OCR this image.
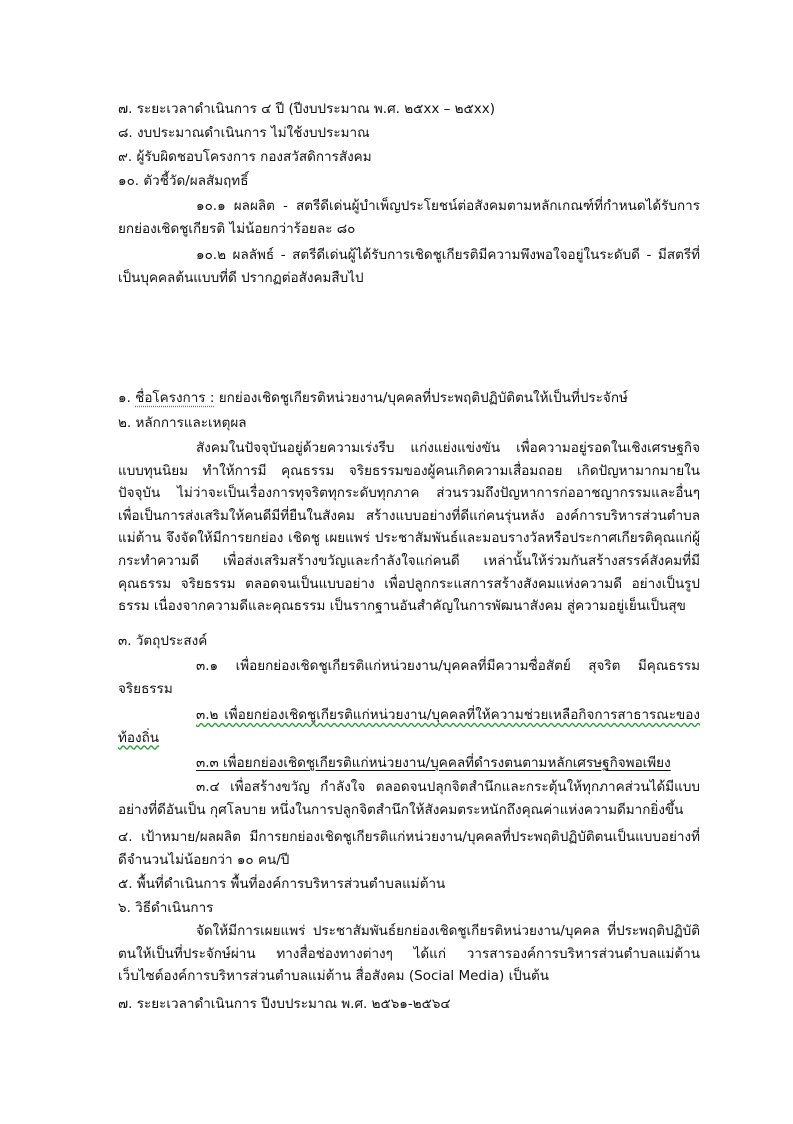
๗. ระยะเวลาดำเนินการ ๔ ปี (ปีงบประมาณ พ.ศ. ๒๕xx – ๒๕xx)
๘. งบประมาณดำเนินการ ไม่ใช้งบประมาณ
๙. ผู้รับผิดชอบโครงการ กองสวัสดิการสังคม
๑๐. ตัวชี้วัด/ผลสัมฤทธิ์
๑๐.๑ ผลผลิต - สตรีดีเด่นผู้บำเพ็ญประโยชน์ต่อสังคมตามหลักเกณฑ์ที่กำหนดได้รับการยกย่องเชิดชูเกียรติ ไม่น้อยกว่าร้อยละ ๘๐
๑๐.๒ ผลลัพธ์ - สตรีดีเด่นผู้ได้รับการเชิดชูเกียรติมีความพึงพอใจอยู่ในระดับดี - มีสตรีที่เป็นบุคคลต้นแบบที่ดี ปรากฏต่อสังคมสืบไป
๑. ชื่อโครงการ : ยกย่องเชิดชูเกียรติหน่วยงาน/บุคคลที่ประพฤติปฏิบัติตนให้เป็นที่ประจักษ์
๒. หลักการและเหตุผล
สังคมในปัจจุบันอยู่ด้วยความเร่งรีบ แก่งแย่งแข่งขัน เพื่อความอยู่รอดในเชิงเศรษฐกิจแบบทุนนิยม ทำให้การมี คุณธรรม จริยธรรมของผู้คนเกิดความเสื่อมถอย เกิดปัญหามากมายในปัจจุบัน ไม่ว่าจะเป็นเรื่องการทุจริตทุกระดับทุกภาค ส่วนรวมถึงปัญหาการก่ออาชญากรรมและอื่นๆ เพื่อเป็นการส่งเสริมให้คนดีมีที่ยืนในสังคม สร้างแบบอย่างที่ดีแก่คนรุ่นหลัง องค์การบริหารส่วนตำบลแม่ต้าน จึงจัดให้มีการยกย่อง เชิดชู เผยแพร่ ประชาสัมพันธ์และมอบรางวัลหรือประกาศเกียรติคุณแก่ผู้กระทำความดี เพื่อส่งเสริมสร้างขวัญและกำลังใจแก่คนดี เหล่านั้นให้ร่วมกันสร้างสรรค์สังคมที่มีคุณธรรม จริยธรรม ตลอดจนเป็นแบบอย่าง เพื่อปลูกกระแสการสร้างสังคมแห่งความดี อย่างเป็นรูปธรรม เนื่องจากความดีและคุณธรรม เป็นรากฐานอันสำคัญในการพัฒนาสังคม สู่ความอยู่เย็นเป็นสุข
๓. วัตถุประสงค์
๓.๑ เพื่อยกย่องเชิดชูเกียรติแก่หน่วยงาน/บุคคลที่มีความซื่อสัตย์ สุจริต มีคุณธรรมจริยธรรม
๓.๒ เพื่อยกย่องเชิดชูเกียรติแก่หน่วยงาน/บุคคลที่ให้ความช่วยเหลือกิจการสาธารณะของท้องถิ่น
๓.๓ เพื่อยกย่องเชิดชูเกียรติแก่หน่วยงาน/บุคคลที่ดำรงตนตามหลักเศรษฐกิจพอเพียง
๓.๔ เพื่อสร้างขวัญ กำลังใจ ตลอดจนปลุกจิตสำนึกและกระตุ้นให้ทุกภาคส่วนได้มีแบบอย่างที่ดีอันเป็น กุศโลบาย หนึ่งในการปลูกจิตสำนึกให้สังคมตระหนักถึงคุณค่าแห่งความดีมากยิ่งขึ้น
๔. เป้าหมาย/ผลผลิต มีการยกย่องเชิดชูเกียรติแก่หน่วยงาน/บุคคลที่ประพฤติปฏิบัติตนเป็นแบบอย่างที่ดีจำนวนไม่น้อยกว่า ๑๐ คน/ปี
๕. พื้นที่ดำเนินการ พื้นที่องค์การบริหารส่วนตำบลแม่ต้าน
๖. วิธีดำเนินการ
จัดให้มีการเผยแพร่ ประชาสัมพันธ์ยกย่องเชิดชูเกียรติหน่วยงาน/บุคคล ที่ประพฤติปฏิบัติตนให้เป็นที่ประจักษ์ผ่าน ทางสื่อช่องทางต่างๆ ได้แก่ วารสารองค์การบริหารส่วนตำบลแม่ต้าน เว็บไซต์องค์การบริหารส่วนตำบลแม่ต้าน สื่อสังคม (Social Media) เป็นต้น
๗. ระยะเวลาดำเนินการ ปีงบประมาณ พ.ศ. ๒๕๖๑-๒๕๖๔
